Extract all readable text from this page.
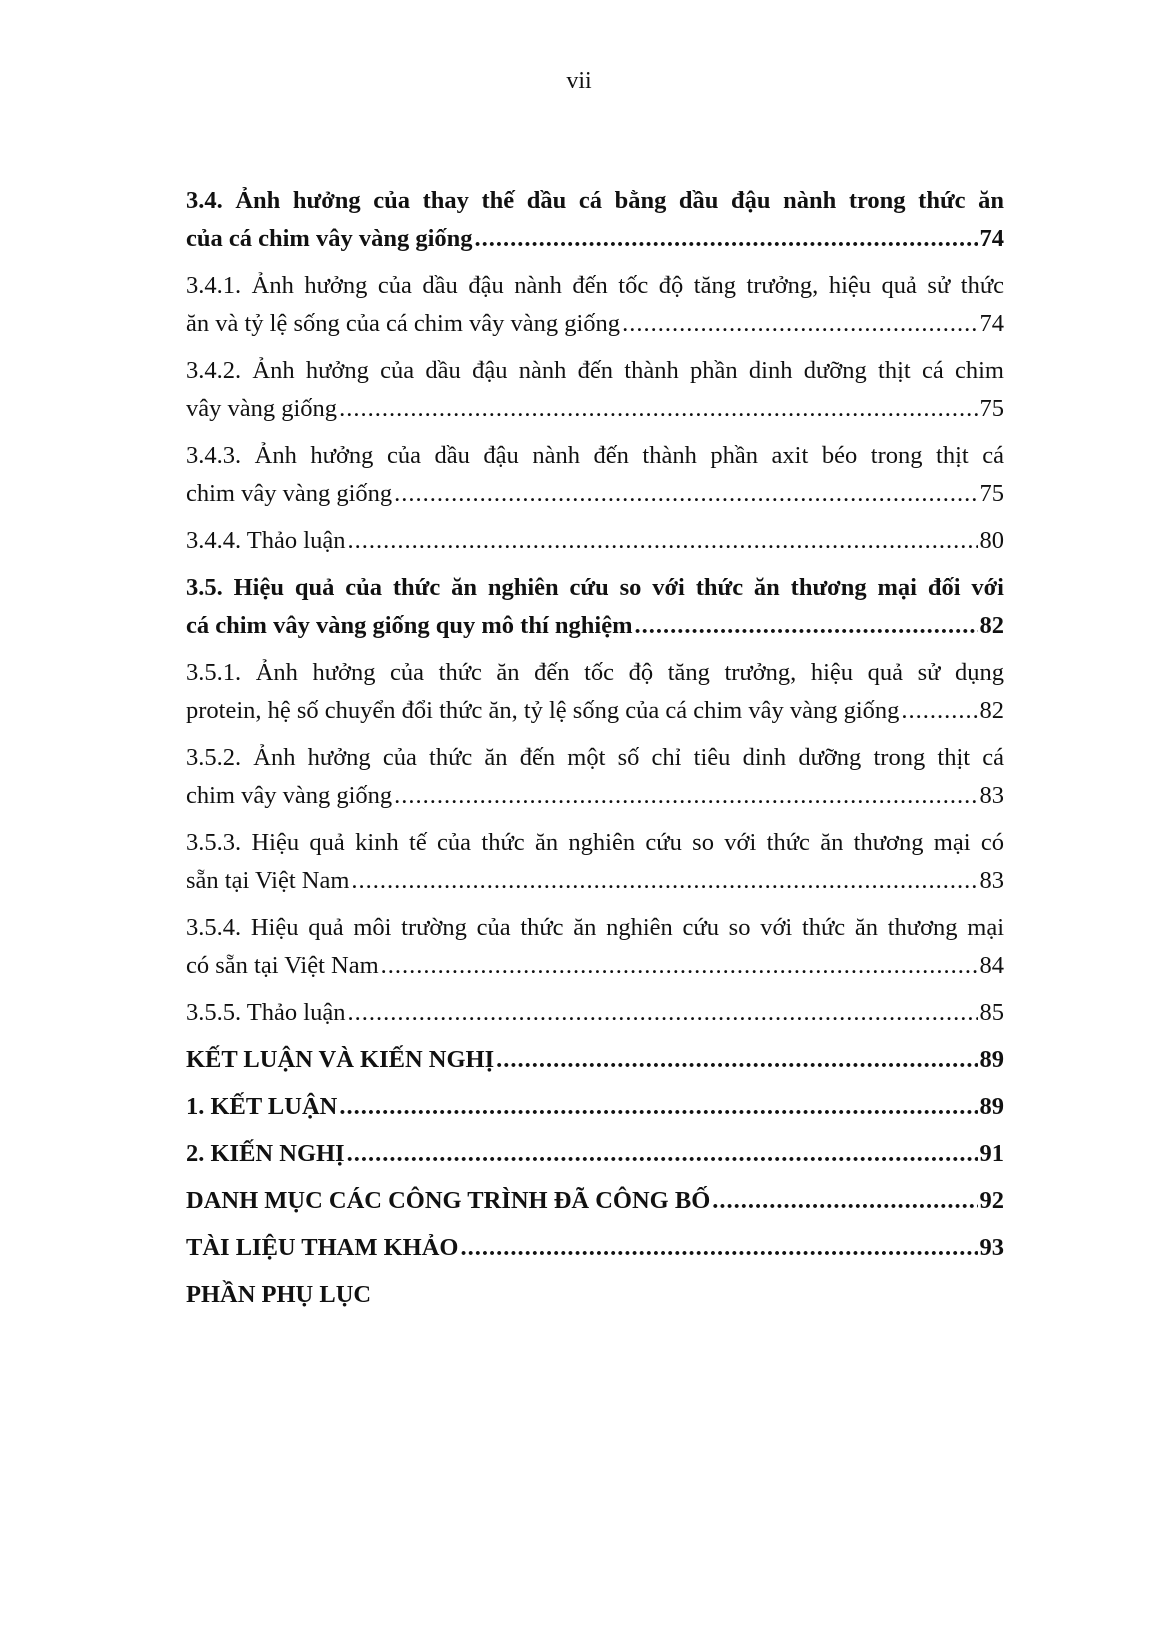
vii
3.4. Ảnh hưởng của thay thế dầu cá bằng dầu đậu nành trong thức ăn
của cá chim vây vàng giống .....	74
3.4.1. Ảnh hưởng của dầu đậu nành đến tốc độ tăng trưởng, hiệu quả sử thức
ăn và tỷ lệ sống của cá chim vây vàng giống .....	74
3.4.2. Ảnh hưởng của dầu đậu nành đến thành phần dinh dưỡng thịt cá chim
vây vàng giống .....	75
3.4.3. Ảnh hưởng của dầu đậu nành đến thành phần axit béo trong thịt cá
chim vây vàng giống .....	75
3.4.4. Thảo luận .....	80
3.5. Hiệu quả của thức ăn nghiên cứu so với thức ăn thương mại đối với
cá chim vây vàng giống quy mô thí nghiệm .....	82
3.5.1. Ảnh hưởng của thức ăn đến tốc độ tăng trưởng, hiệu quả sử dụng
protein, hệ số chuyển đổi thức ăn, tỷ lệ sống của cá chim vây vàng giống .....	82
3.5.2. Ảnh hưởng của thức ăn đến một số chỉ tiêu dinh dưỡng trong thịt cá
chim vây vàng giống .....	83
3.5.3. Hiệu quả kinh tế của thức ăn nghiên cứu so với thức ăn thương mại có
sẵn tại Việt Nam .....	83
3.5.4. Hiệu quả môi trường của thức ăn nghiên cứu so với thức ăn thương mại
có sẵn tại Việt Nam .....	84
3.5.5. Thảo luận .....	85
KẾT LUẬN VÀ KIẾN NGHỊ .....	89
1. KẾT LUẬN .....	89
2. KIẾN NGHỊ .....	91
DANH MỤC CÁC CÔNG TRÌNH ĐÃ CÔNG BỐ .....	92
TÀI LIỆU THAM KHẢO .....	93
PHẦN PHỤ LỤC
